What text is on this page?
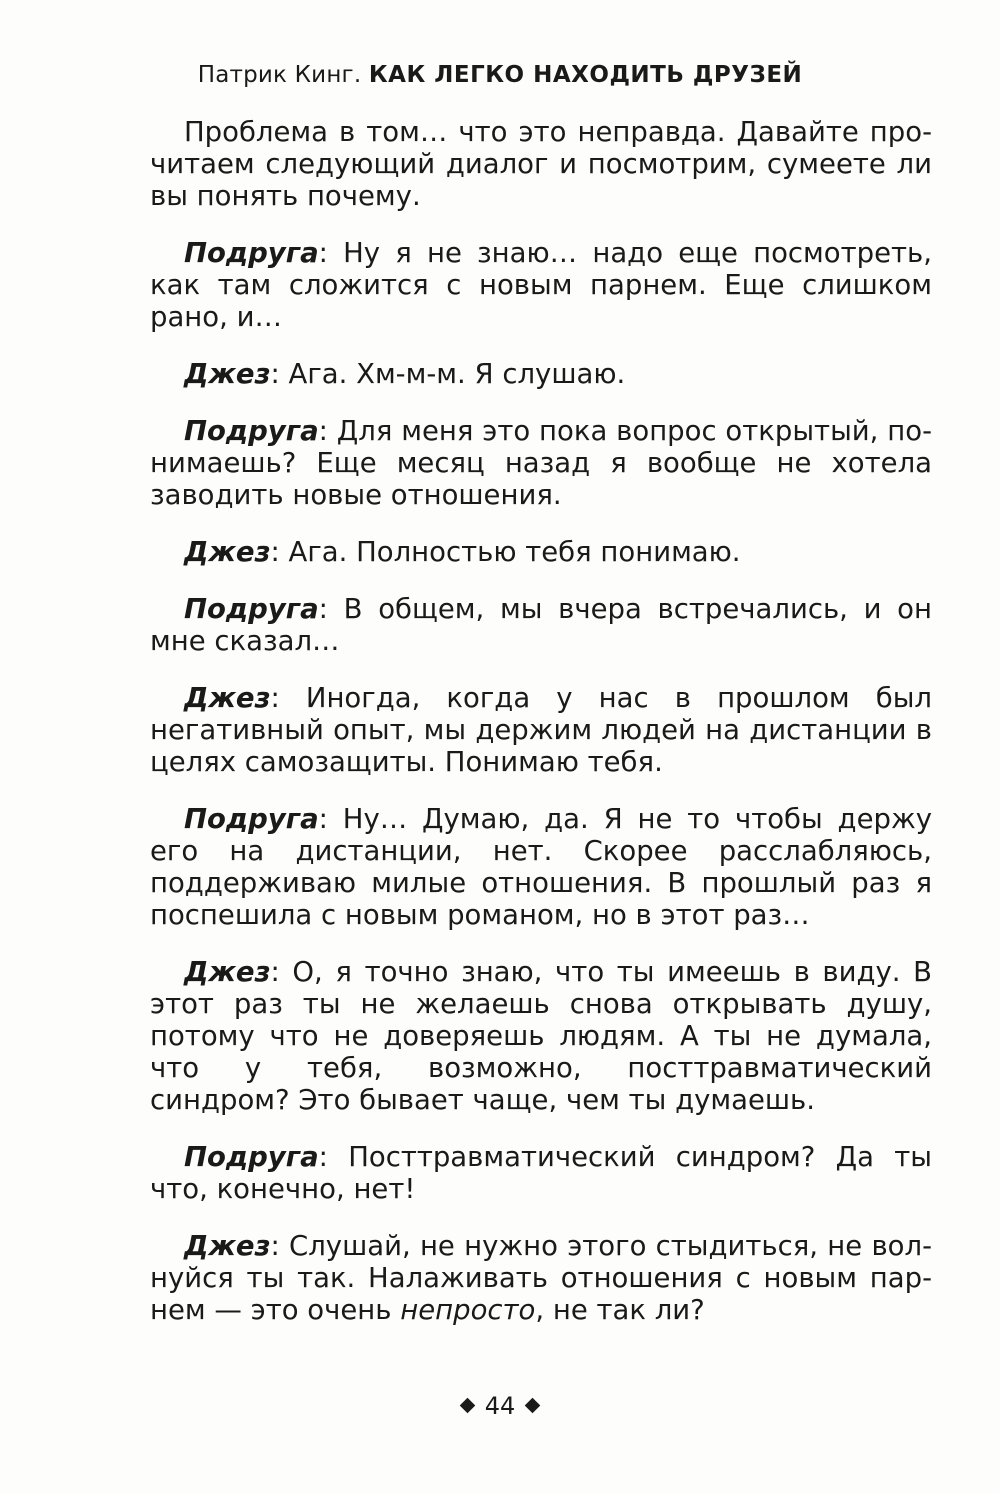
Патрик Кинг. КАК ЛЕГКО НАХОДИТЬ ДРУЗЕЙ

Проблема в том… что это неправда. Давайте прочитаем следующий диалог и посмотрим, сумеете ли вы понять почему.

Подруга: Ну я не знаю… надо еще посмотреть, как там сложится с новым парнем. Еще слишком рано, и…

Джез: Ага. Хм-м-м. Я слушаю.

Подруга: Для меня это пока вопрос открытый, понимаешь? Еще месяц назад я вообще не хотела заводить новые отношения.

Джез: Ага. Полностью тебя понимаю.

Подруга: В общем, мы вчера встречались, и он мне сказал…

Джез: Иногда, когда у нас в прошлом был негативный опыт, мы держим людей на дистанции в целях самозащиты. Понимаю тебя.

Подруга: Ну… Думаю, да. Я не то чтобы держу его на дистанции, нет. Скорее расслабляюсь, поддерживаю милые отношения. В прошлый раз я поспешила с новым романом, но в этот раз…

Джез: О, я точно знаю, что ты имеешь в виду. В этот раз ты не желаешь снова открывать душу, потому что не доверяешь людям. А ты не думала, что у тебя, возможно, посттравматический синдром? Это бывает чаще, чем ты думаешь.

Подруга: Посттравматический синдром? Да ты что, конечно, нет!

Джез: Слушай, не нужно этого стыдиться, не волнуйся ты так. Налаживать отношения с новым парнем — это очень непросто, не так ли?

44
